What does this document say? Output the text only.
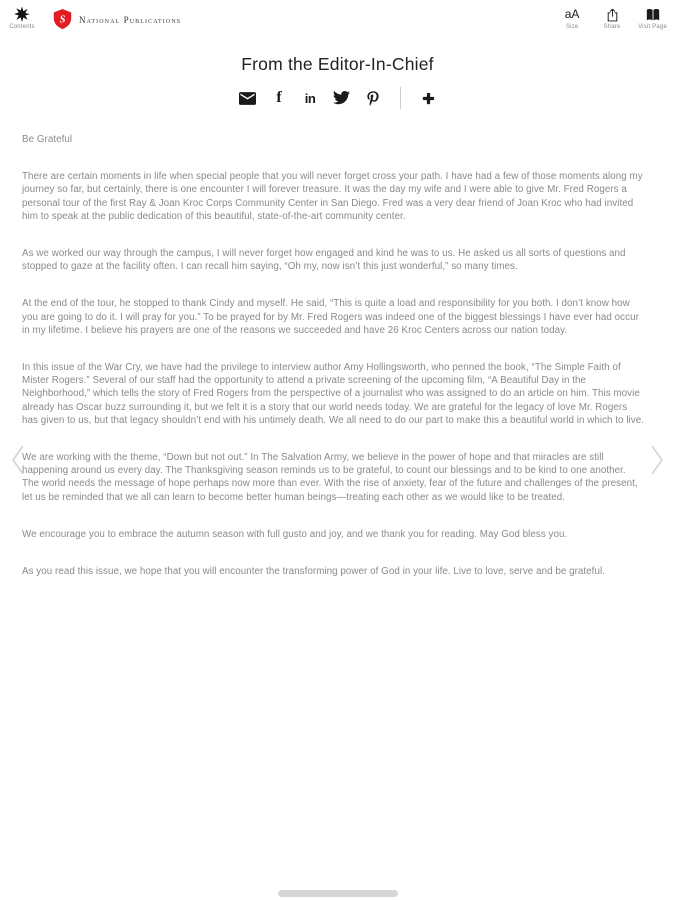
Contents
S National Publications	aA
Size	Share	Visit Page
From the Editor-In-Chief
f in

Be Grateful

There are certain moments in life when special people that you will never forget cross your path. I have had a few of those moments along my journey so far, but certainly, there is one encounter I will forever treasure. It was the day my wife and I were able to give Mr. Fred Rogers a personal tour of the first Ray & Joan Kroc Corps Community Center in San Diego. Fred was a very dear friend of Joan Kroc who had invited him to speak at the public dedication of this beautiful, state-of-the-art community center.

As we worked our way through the campus, I will never forget how engaged and kind he was to us. He asked us all sorts of questions and stopped to gaze at the facility often. I can recall him saying, “Oh my, now isn’t this just wonderful,” so many times.

At the end of the tour, he stopped to thank Cindy and myself. He said, “This is quite a load and responsibility for you both. I don’t know how you are going to do it. I will pray for you.” To be prayed for by Mr. Fred Rogers was indeed one of the biggest blessings I have ever had occur in my lifetime. I believe his prayers are one of the reasons we succeeded and have 26 Kroc Centers across our nation today.

In this issue of the War Cry, we have had the privilege to interview author Amy Hollingsworth, who penned the book, “The Simple Faith of Mister Rogers.” Several of our staff had the opportunity to attend a private screening of the upcoming film, “A Beautiful Day in the Neighborhood,” which tells the story of Fred Rogers from the perspective of a journalist who was assigned to do an article on him. This movie already has Oscar buzz surrounding it, but we felt it is a story that our world needs today. We are grateful for the legacy of love Mr. Rogers has given to us, but that legacy shouldn’t end with his untimely death. We all need to do our part to make this a beautiful world in which to live.

We are working with the theme, “Down but not out.” In The Salvation Army, we believe in the power of hope and that miracles are still happening around us every day. The Thanksgiving season reminds us to be grateful, to count our blessings and to be kind to one another. The world needs the message of hope perhaps now more than ever. With the rise of anxiety, fear of the future and challenges of the present, let us be reminded that we all can learn to become better human beings—treating each other as we would like to be treated.

We encourage you to embrace the autumn season with full gusto and joy, and we thank you for reading. May God bless you.

As you read this issue, we hope that you will encounter the transforming power of God in your life. Live to love, serve and be grateful.
